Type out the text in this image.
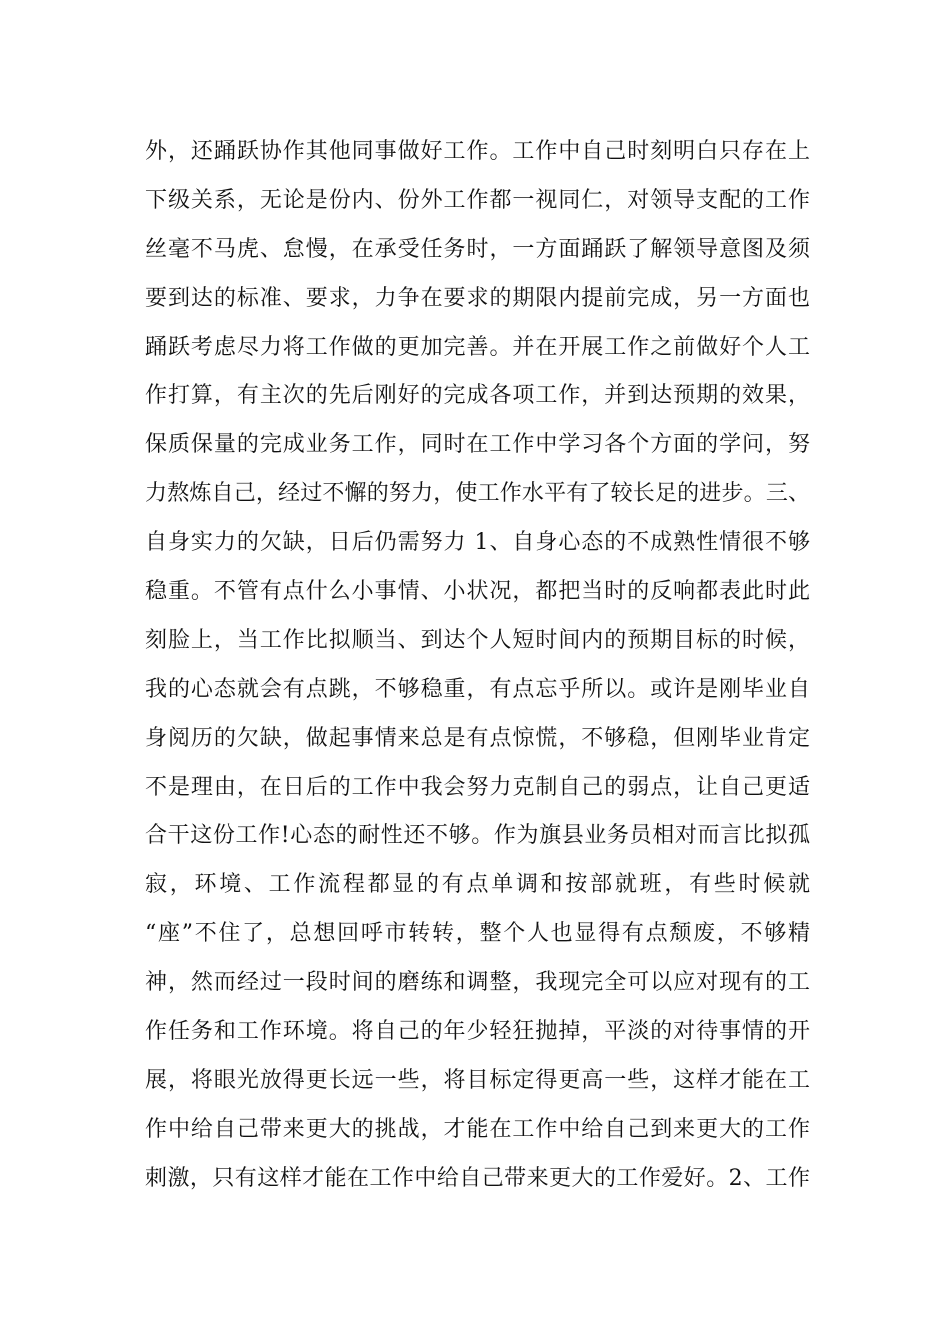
外，还踊跃协作其他同事做好工作。工作中自己时刻明白只存在上
下级关系，无论是份内、份外工作都一视同仁，对领导支配的工作
丝毫不马虎、怠慢，在承受任务时，一方面踊跃了解领导意图及须
要到达的标准、要求，力争在要求的期限内提前完成，另一方面也
踊跃考虑尽力将工作做的更加完善。并在开展工作之前做好个人工
作打算，有主次的先后刚好的完成各项工作，并到达预期的效果，
保质保量的完成业务工作，同时在工作中学习各个方面的学问，努
力熬炼自己，经过不懈的努力，使工作水平有了较长足的进步。三、
自身实力的欠缺，日后仍需努力 1、自身心态的不成熟性情很不够
稳重。不管有点什么小事情、小状况，都把当时的反响都表此时此
刻脸上，当工作比拟顺当、到达个人短时间内的预期目标的时候，
我的心态就会有点跳，不够稳重，有点忘乎所以。或许是刚毕业自
身阅历的欠缺，做起事情来总是有点惊慌，不够稳，但刚毕业肯定
不是理由，在日后的工作中我会努力克制自己的弱点，让自己更适
合干这份工作!心态的耐性还不够。作为旗县业务员相对而言比拟孤
寂，环境、工作流程都显的有点单调和按部就班，有些时候就
“座”不住了，总想回呼市转转，整个人也显得有点颓废，不够精
神，然而经过一段时间的磨练和调整，我现完全可以应对现有的工
作任务和工作环境。将自己的年少轻狂抛掉，平淡的对待事情的开
展，将眼光放得更长远一些，将目标定得更高一些，这样才能在工
作中给自己带来更大的挑战，才能在工作中给自己到来更大的工作
刺激，只有这样才能在工作中给自己带来更大的工作爱好。2、工作
